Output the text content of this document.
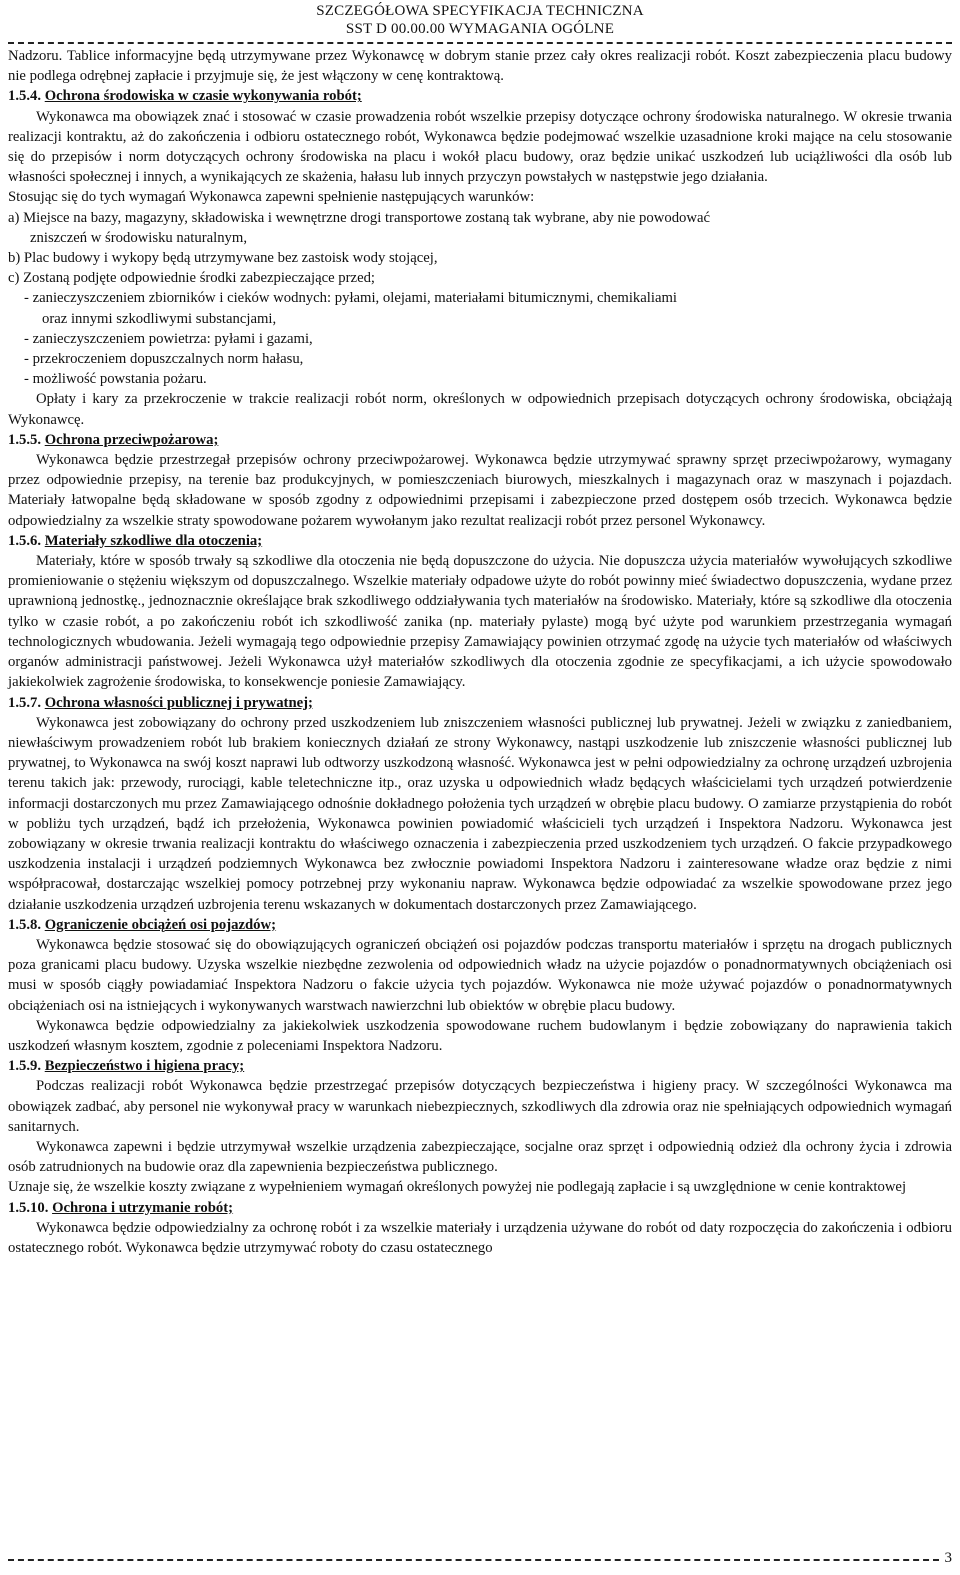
SZCZEGÓŁOWA SPECYFIKACJA TECHNICZNA
SST D 00.00.00 WYMAGANIA OGÓLNE

Nadzoru. Tablice informacyjne będą utrzymywane przez Wykonawcę w dobrym stanie przez cały okres realizacji robót. Koszt zabezpieczenia placu budowy nie podlega odrębnej zapłacie i przyjmuje się, że jest włączony w cenę kontraktową.

1.5.4. Ochrona środowiska w czasie wykonywania robót;

Wykonawca ma obowiązek znać i stosować w czasie prowadzenia robót wszelkie przepisy dotyczące ochrony środowiska naturalnego. W okresie trwania realizacji kontraktu, aż do zakończenia i odbioru ostatecznego robót, Wykonawca będzie podejmować wszelkie uzasadnione kroki mające na celu stosowanie się do przepisów i norm dotyczących ochrony środowiska na placu i wokół placu budowy, oraz będzie unikać uszkodzeń lub uciążliwości dla osób lub własności społecznej i innych, a wynikających ze skażenia, hałasu lub innych przyczyn powstałych w następstwie jego działania.

Stosując się do tych wymagań Wykonawca zapewni spełnienie następujących warunków:

a) Miejsce na bazy, magazyny, składowiska i wewnętrzne drogi transportowe zostaną tak wybrane, aby nie powodować
zniszczeń w środowisku naturalnym,

b) Plac budowy i wykopy będą utrzymywane bez zastoisk wody stojącej,

c) Zostaną podjęte odpowiednie środki zabezpieczające przed;

- zanieczyszczeniem zbiorników i cieków wodnych: pyłami, olejami, materiałami bitumicznymi, chemikaliami
oraz innymi szkodliwymi substancjami,

- zanieczyszczeniem powietrza: pyłami i gazami,

- przekroczeniem dopuszczalnych norm hałasu,

- możliwość powstania pożaru.

Opłaty i kary za przekroczenie w trakcie realizacji robót norm, określonych w odpowiednich przepisach dotyczących ochrony środowiska, obciążają Wykonawcę.

1.5.5. Ochrona przeciwpożarowa;

Wykonawca będzie przestrzegał przepisów ochrony przeciwpożarowej. Wykonawca będzie utrzymywać sprawny sprzęt przeciwpożarowy, wymagany przez odpowiednie przepisy, na terenie baz produkcyjnych, w pomieszczeniach biurowych, mieszkalnych i magazynach oraz w maszynach i pojazdach. Materiały łatwopalne będą składowane w sposób zgodny z odpowiednimi przepisami i zabezpieczone przed dostępem osób trzecich. Wykonawca będzie odpowiedzialny za wszelkie straty spowodowane pożarem wywołanym jako rezultat realizacji robót przez personel Wykonawcy.

1.5.6. Materiały szkodliwe dla otoczenia;

Materiały, które w sposób trwały są szkodliwe dla otoczenia nie będą dopuszczone do użycia. Nie dopuszcza użycia materiałów wywołujących szkodliwe promieniowanie o stężeniu większym od dopuszczalnego. Wszelkie materiały odpadowe użyte do robót powinny mieć świadectwo dopuszczenia, wydane przez uprawnioną jednostkę., jednoznacznie określające brak szkodliwego oddziaływania tych materiałów na środowisko. Materiały, które są szkodliwe dla otoczenia tylko w czasie robót, a po zakończeniu robót ich szkodliwość zanika (np. materiały pylaste) mogą być użyte pod warunkiem przestrzegania wymagań technologicznych wbudowania. Jeżeli wymagają tego odpowiednie przepisy Zamawiający powinien otrzymać zgodę na użycie tych materiałów od właściwych organów administracji państwowej. Jeżeli Wykonawca użył materiałów szkodliwych dla otoczenia zgodnie ze specyfikacjami, a ich użycie spowodowało jakiekolwiek zagrożenie środowiska, to konsekwencje poniesie Zamawiający.

1.5.7. Ochrona własności publicznej i prywatnej;

Wykonawca jest zobowiązany do ochrony przed uszkodzeniem lub zniszczeniem własności publicznej lub prywatnej. Jeżeli w związku z zaniedbaniem, niewłaściwym prowadzeniem robót lub brakiem koniecznych działań ze strony Wykonawcy, nastąpi uszkodzenie lub zniszczenie własności publicznej lub prywatnej, to Wykonawca na swój koszt naprawi lub odtworzy uszkodzoną własność. Wykonawca jest w pełni odpowiedzialny za ochronę urządzeń uzbrojenia terenu takich jak: przewody, rurociągi, kable teletechniczne itp., oraz uzyska u odpowiednich władz będących właścicielami tych urządzeń potwierdzenie informacji dostarczonych mu przez Zamawiającego odnośnie dokładnego położenia tych urządzeń w obrębie placu budowy. O zamiarze przystąpienia do robót w pobliżu tych urządzeń, bądź ich przełożenia, Wykonawca powinien powiadomić właścicieli tych urządzeń i Inspektora Nadzoru. Wykonawca jest zobowiązany w okresie trwania realizacji kontraktu do właściwego oznaczenia i zabezpieczenia przed uszkodzeniem tych urządzeń. O fakcie przypadkowego uszkodzenia instalacji i urządzeń podziemnych Wykonawca bez zwłocznie powiadomi Inspektora Nadzoru i zainteresowane władze oraz będzie z nimi współpracował, dostarczając wszelkiej pomocy potrzebnej przy wykonaniu napraw. Wykonawca będzie odpowiadać za wszelkie spowodowane przez jego działanie uszkodzenia urządzeń uzbrojenia terenu wskazanych w dokumentach dostarczonych przez Zamawiającego.

1.5.8. Ograniczenie obciążeń osi pojazdów;

Wykonawca będzie stosować się do obowiązujących ograniczeń obciążeń osi pojazdów podczas transportu materiałów i sprzętu na drogach publicznych poza granicami placu budowy. Uzyska wszelkie niezbędne zezwolenia od odpowiednich władz na użycie pojazdów o ponadnormatywnych obciążeniach osi musi w sposób ciągły powiadamiać Inspektora Nadzoru o fakcie użycia tych pojazdów. Wykonawca nie może używać pojazdów o ponadnormatywnych obciążeniach osi na istniejących i wykonywanych warstwach nawierzchni lub obiektów w obrębie placu budowy.

Wykonawca będzie odpowiedzialny za jakiekolwiek uszkodzenia spowodowane ruchem budowlanym i będzie zobowiązany do naprawienia takich uszkodzeń własnym kosztem, zgodnie z poleceniami Inspektora Nadzoru.

1.5.9. Bezpieczeństwo i higiena pracy;

Podczas realizacji robót Wykonawca będzie przestrzegać przepisów dotyczących bezpieczeństwa i higieny pracy. W szczególności Wykonawca ma obowiązek zadbać, aby personel nie wykonywał pracy w warunkach niebezpiecznych, szkodliwych dla zdrowia oraz nie spełniających odpowiednich wymagań sanitarnych.

Wykonawca zapewni i będzie utrzymywał wszelkie urządzenia zabezpieczające, socjalne oraz sprzęt i odpowiednią odzież dla ochrony życia i zdrowia osób zatrudnionych na budowie oraz dla zapewnienia bezpieczeństwa publicznego.

Uznaje się, że wszelkie koszty związane z wypełnieniem wymagań określonych powyżej nie podlegają zapłacie i są uwzględnione w cenie kontraktowej

1.5.10. Ochrona i utrzymanie robót;

Wykonawca będzie odpowiedzialny za ochronę robót i za wszelkie materiały i urządzenia używane do robót od daty rozpoczęcia do zakończenia i odbioru ostatecznego robót. Wykonawca będzie utrzymywać roboty do czasu ostatecznego

3
